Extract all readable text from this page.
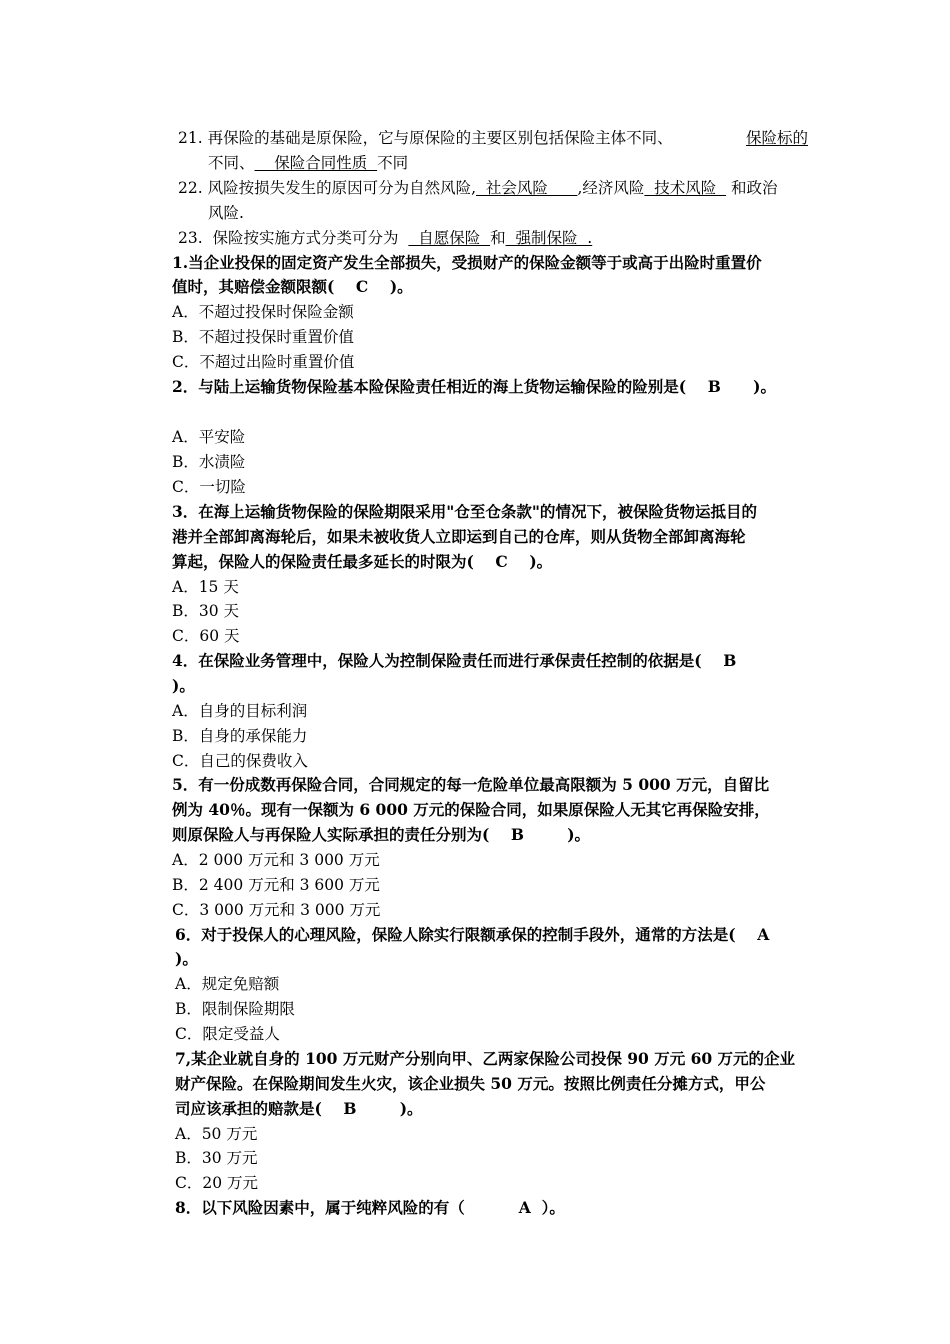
21. 再保险的基础是原保险，它与原保险的主要区别包括保险主体不同、	保险标的
不同、    保险合同性质  不同
22. 风险按损失发生的原因可分为自然风险,  社会风险      ,经济风险  技术风险   和政治
风险.
23.  保险按实施方式分类可分为    自愿保险  和  强制保险  .
1.当企业投保的固定资产发生全部损失，受损财产的保险金额等于或高于出险时重置价
值时，其赔偿金额限额(    C    )。
A．不超过投保时保险金额
B．不超过投保时重置价值
C．不超过出险时重置价值
2．与陆上运输货物保险基本险保险责任相近的海上货物运输保险的险别是(    B      )。
A．平安险
B．水渍险
C．一切险
3．在海上运输货物保险的保险期限采用"仓至仓条款"的情况下，被保险货物运抵目的
港并全部卸离海轮后，如果未被收货人立即运到自己的仓库，则从货物全部卸离海轮
算起，保险人的保险责任最多延长的时限为(    C    )。
A．15 天
B．30 天
C．60 天
4．在保险业务管理中，保险人为控制保险责任而进行承保责任控制的依据是(    B
)。
A．自身的目标利润
B．自身的承保能力
C．自己的保费收入
5．有一份成数再保险合同，合同规定的每一危险单位最高限额为 5 000 万元，自留比
例为 40％。现有一保额为 6 000 万元的保险合同，如果原保险人无其它再保险安排，
则原保险人与再保险人实际承担的责任分别为(    B        )。
A．2 000 万元和 3 000 万元
B．2 400 万元和 3 600 万元
C．3 000 万元和 3 000 万元
6．对于投保人的心理风险，保险人除实行限额承保的控制手段外，通常的方法是(    A
)。
A．规定免赔额
B．限制保险期限
C．限定受益人
7,某企业就自身的 100 万元财产分别向甲、乙两家保险公司投保 90 万元 60 万元的企业
财产保险。在保险期间发生火灾，该企业损失 50 万元。按照比例责任分摊方式，甲公
司应该承担的赔款是(    B        )。
A．50 万元
B．30 万元
C．20 万元
8．以下风险因素中，属于纯粹风险的有（          A  ）。
